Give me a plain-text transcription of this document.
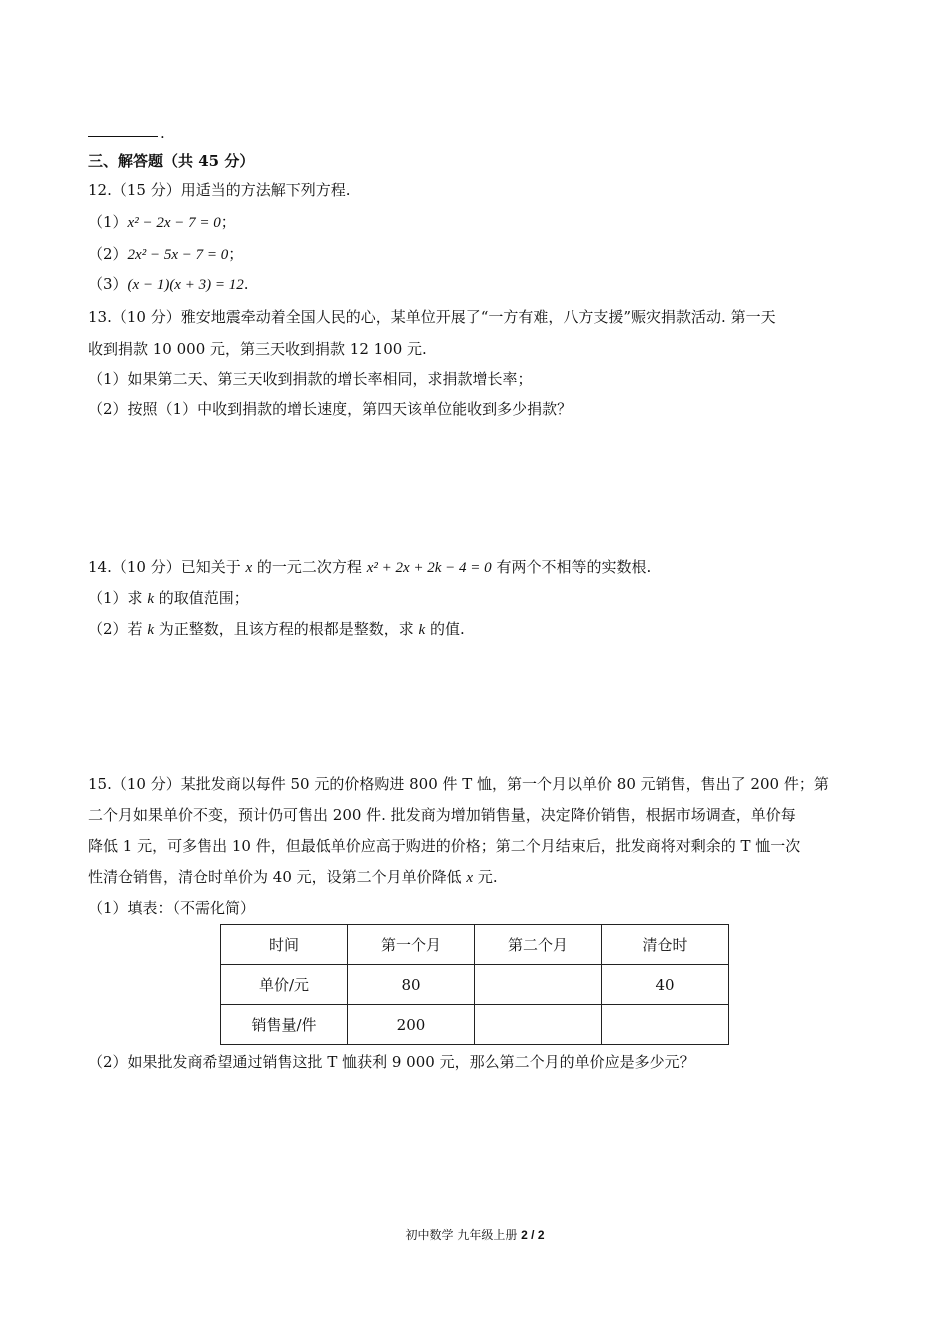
.
三、解答题（共 45 分）
12.（15 分）用适当的方法解下列方程.
（1）x² − 2x − 7 = 0；
（2）2x² − 5x − 7 = 0；
（3）(x − 1)(x + 3) = 12.
13.（10 分）雅安地震牵动着全国人民的心，某单位开展了“一方有难，八方支援”赈灾捐款活动. 第一天
收到捐款 10 000 元，第三天收到捐款 12 100 元.
（1）如果第二天、第三天收到捐款的增长率相同，求捐款增长率；
（2）按照（1）中收到捐款的增长速度，第四天该单位能收到多少捐款？
14.（10 分）已知关于 x 的一元二次方程 x² + 2x + 2k − 4 = 0 有两个不相等的实数根.
（1）求 k 的取值范围；
（2）若 k 为正整数，且该方程的根都是整数，求 k 的值.
15.（10 分）某批发商以每件 50 元的价格购进 800 件 T 恤，第一个月以单价 80 元销售，售出了 200 件；第
二个月如果单价不变，预计仍可售出 200 件. 批发商为增加销售量，决定降价销售，根据市场调查，单价每
降低 1 元，可多售出 10 件，但最低单价应高于购进的价格；第二个月结束后，批发商将对剩余的 T 恤一次
性清仓销售，清仓时单价为 40 元，设第二个月单价降低 x 元.
（1）填表：（不需化简）
时间	第一个月	第二个月	清仓时
单价/元	80		40
销售量/件	200		
（2）如果批发商希望通过销售这批 T 恤获利 9 000 元，那么第二个月的单价应是多少元？
初中数学 九年级上册 2 / 2
